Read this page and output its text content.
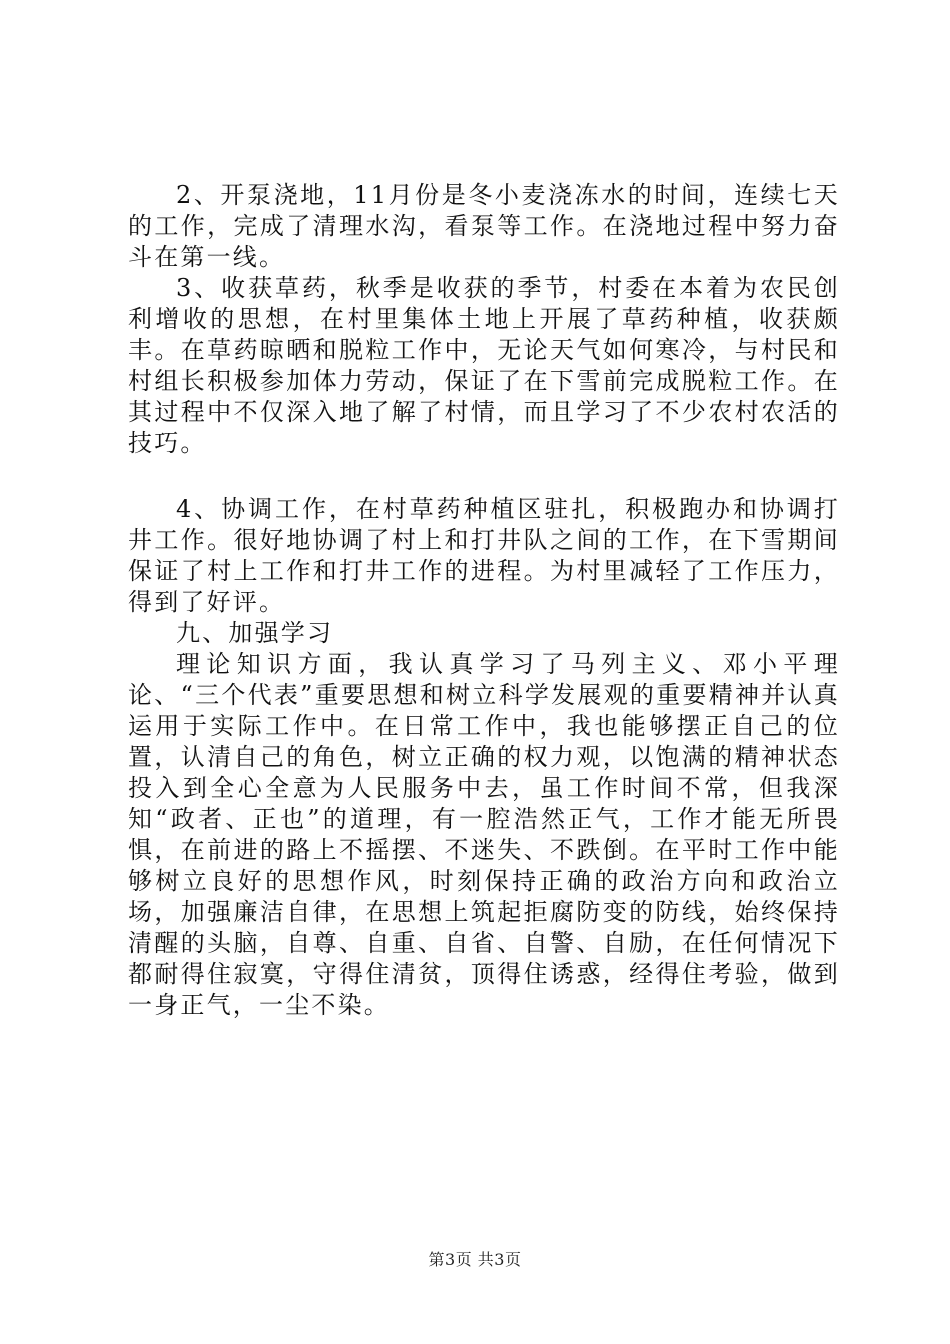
2、开泵浇地，11月份是冬小麦浇冻水的时间，连续七天的工作，完成了清理水沟，看泵等工作。在浇地过程中努力奋斗在第一线。

3、收获草药，秋季是收获的季节，村委在本着为农民创利增收的思想，在村里集体土地上开展了草药种植，收获颇丰。在草药晾晒和脱粒工作中，无论天气如何寒冷，与村民和村组长积极参加体力劳动，保证了在下雪前完成脱粒工作。在其过程中不仅深入地了解了村情，而且学习了不少农村农活的技巧。

4、协调工作，在村草药种植区驻扎，积极跑办和协调打井工作。很好地协调了村上和打井队之间的工作，在下雪期间保证了村上工作和打井工作的进程。为村里减轻了工作压力，得到了好评。

九、加强学习

理论知识方面，我认真学习了马列主义、邓小平理论、“三个代表”重要思想和树立科学发展观的重要精神并认真运用于实际工作中。在日常工作中，我也能够摆正自己的位置，认清自己的角色，树立正确的权力观，以饱满的精神状态投入到全心全意为人民服务中去，虽工作时间不常，但我深知“政者、正也”的道理，有一腔浩然正气，工作才能无所畏惧，在前进的路上不摇摆、不迷失、不跌倒。在平时工作中能够树立良好的思想作风，时刻保持正确的政治方向和政治立场，加强廉洁自律，在思想上筑起拒腐防变的防线，始终保持清醒的头脑，自尊、自重、自省、自警、自励，在任何情况下都耐得住寂寞，守得住清贫，顶得住诱惑，经得住考验，做到一身正气，一尘不染。

第3页 共3页
